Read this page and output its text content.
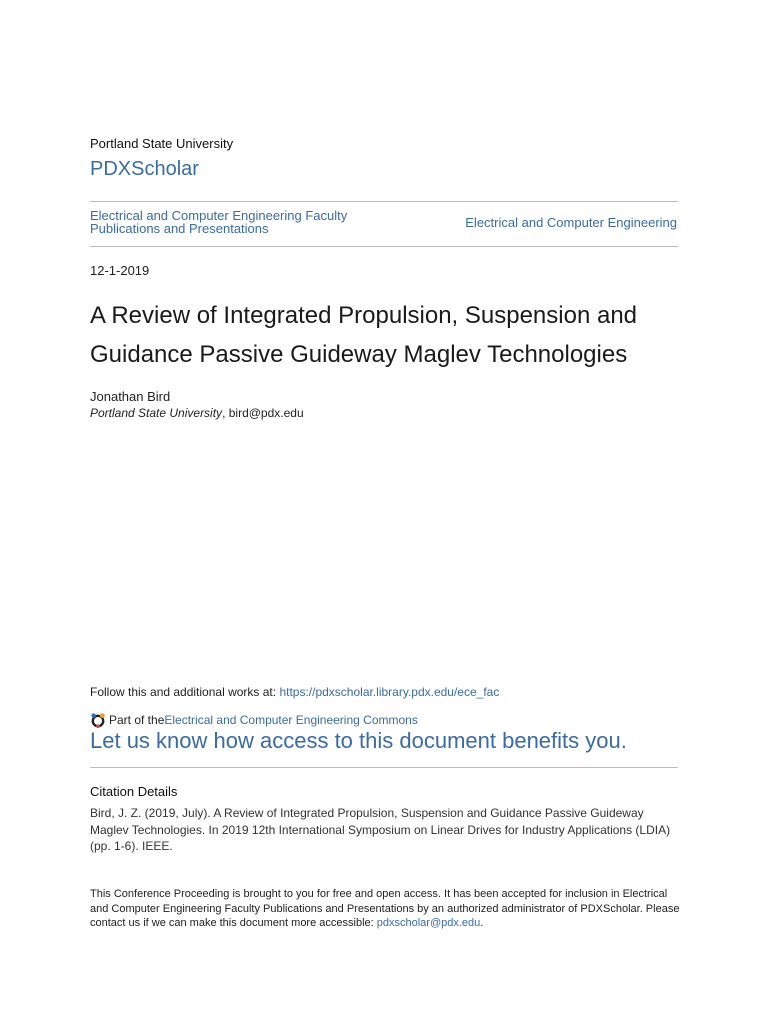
Portland State University
PDXScholar
Electrical and Computer Engineering Faculty Publications and Presentations	Electrical and Computer Engineering
12-1-2019
A Review of Integrated Propulsion, Suspension and Guidance Passive Guideway Maglev Technologies
Jonathan Bird
Portland State University, bird@pdx.edu
Follow this and additional works at: https://pdxscholar.library.pdx.edu/ece_fac
Part of the Electrical and Computer Engineering Commons
Let us know how access to this document benefits you.
Citation Details
Bird, J. Z. (2019, July). A Review of Integrated Propulsion, Suspension and Guidance Passive Guideway Maglev Technologies. In 2019 12th International Symposium on Linear Drives for Industry Applications (LDIA) (pp. 1-6). IEEE.
This Conference Proceeding is brought to you for free and open access. It has been accepted for inclusion in Electrical and Computer Engineering Faculty Publications and Presentations by an authorized administrator of PDXScholar. Please contact us if we can make this document more accessible: pdxscholar@pdx.edu.
